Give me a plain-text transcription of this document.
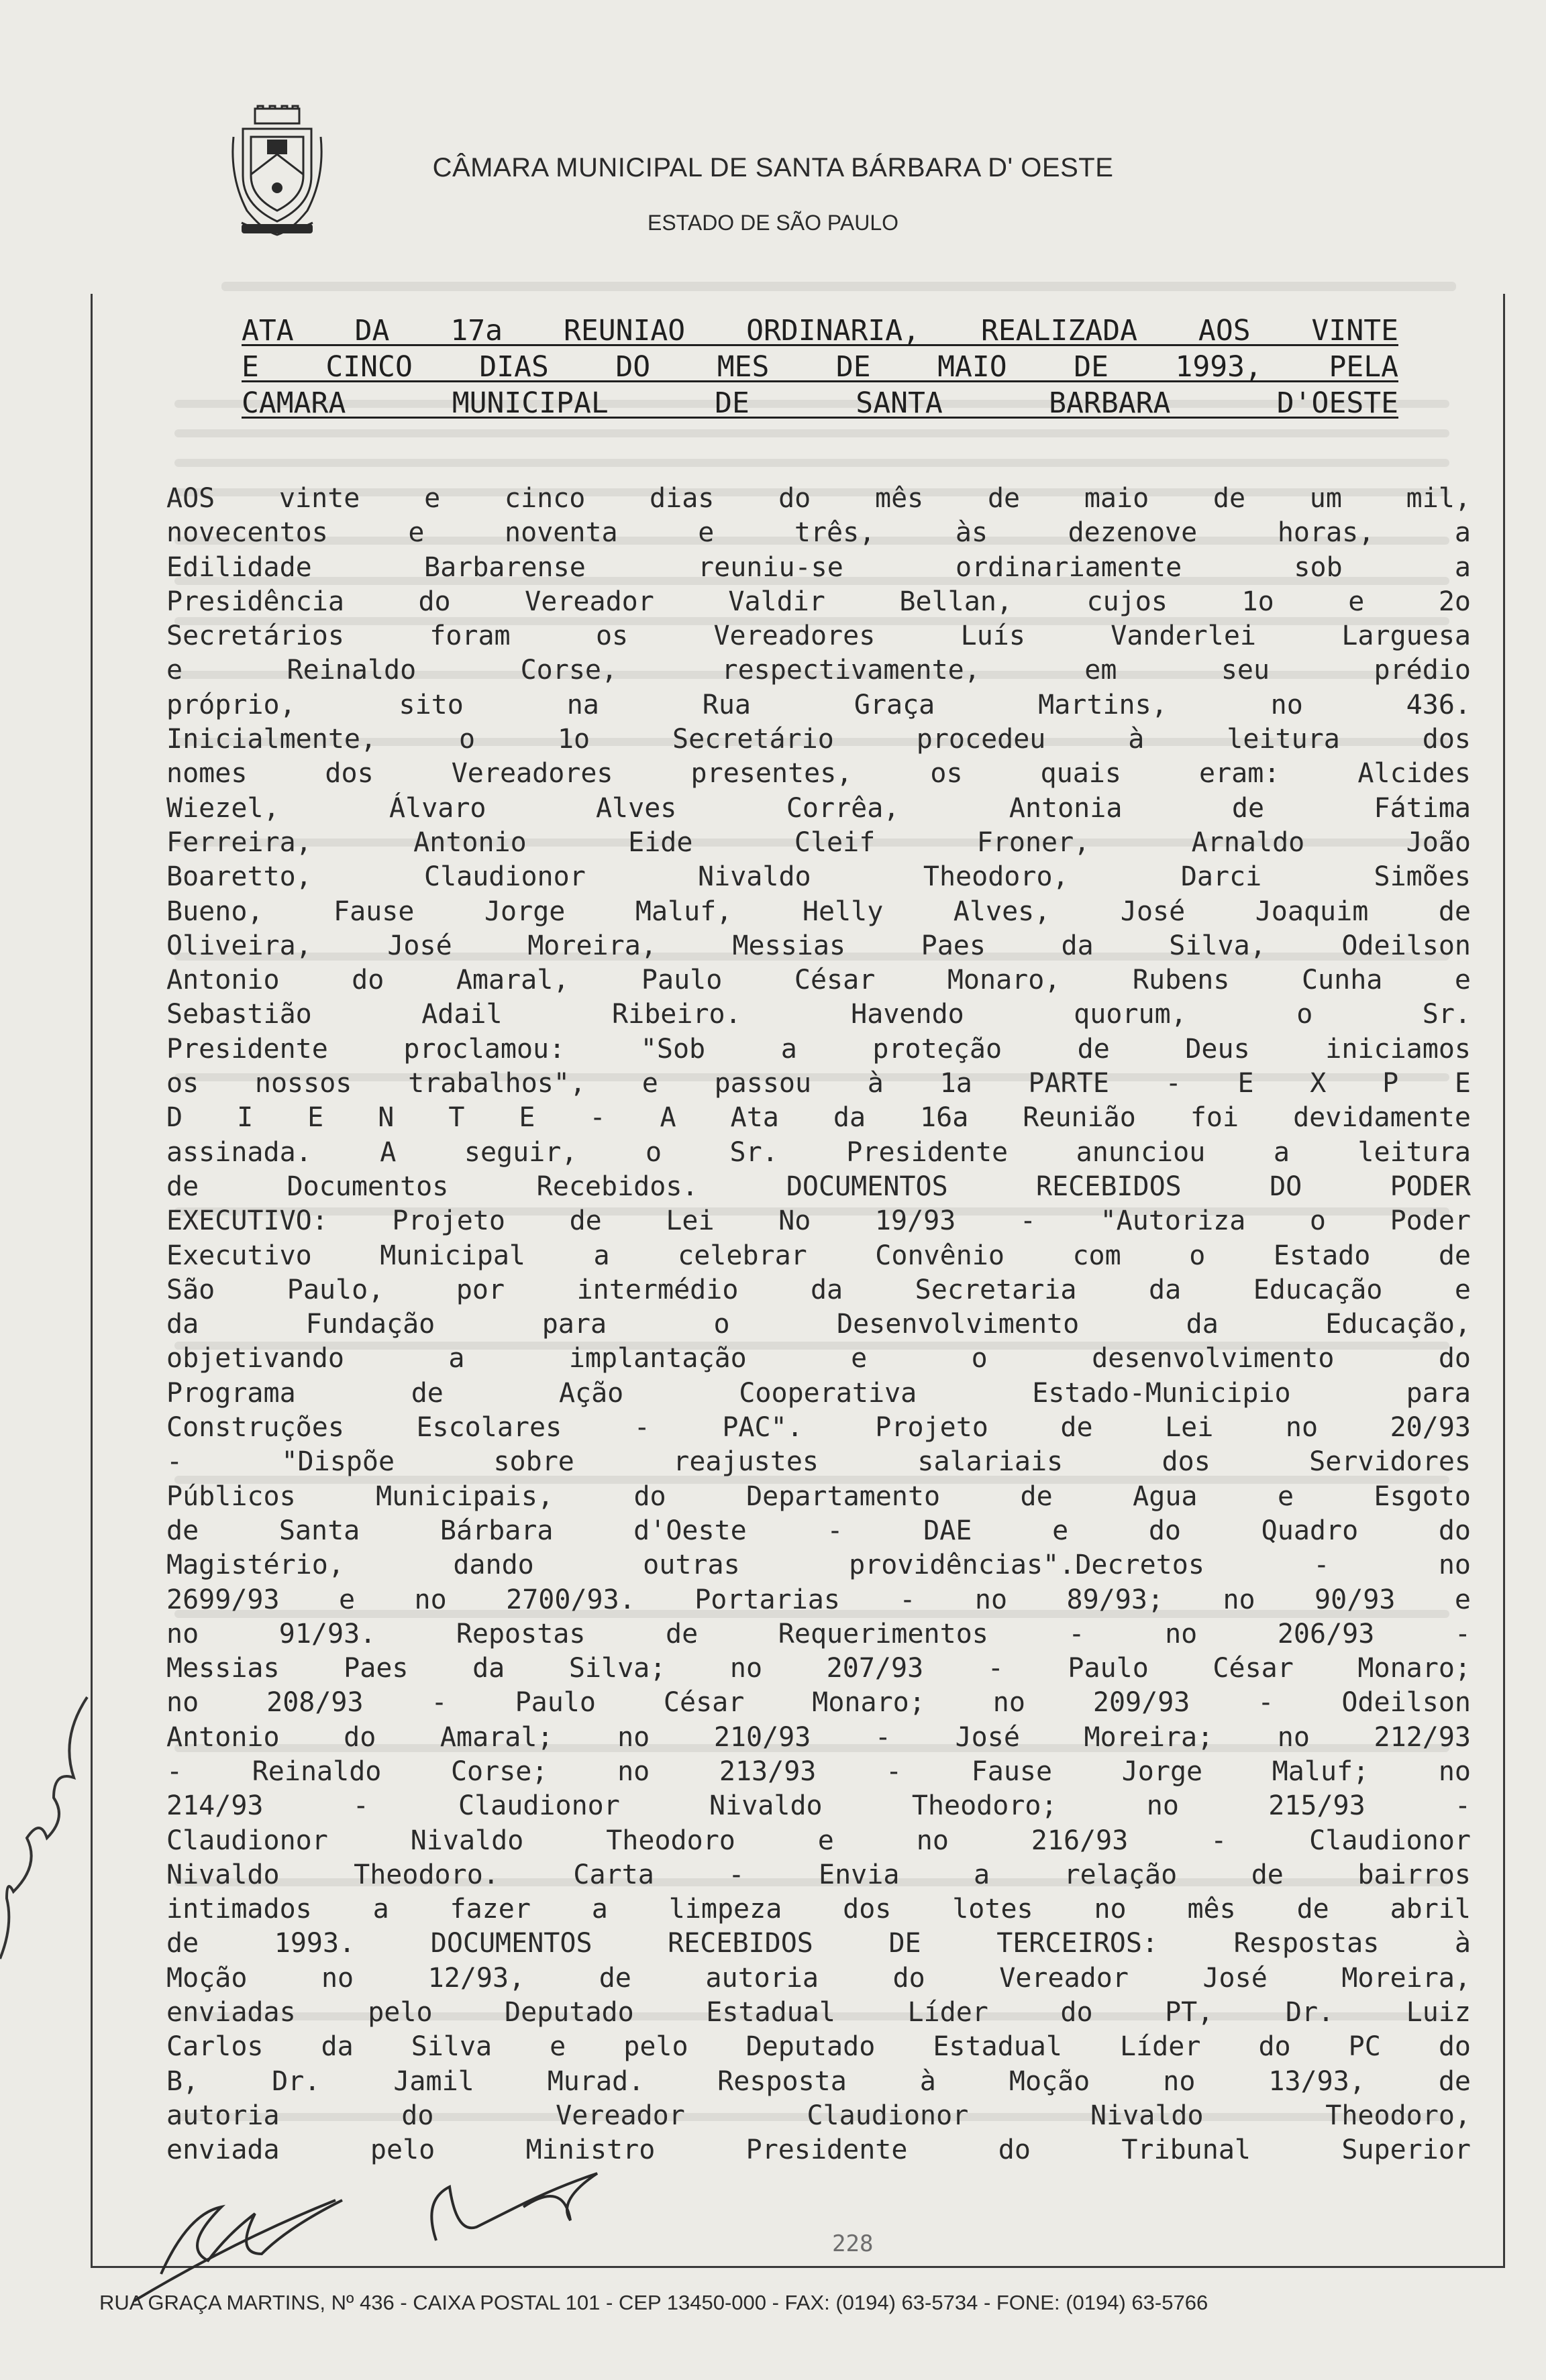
CÂMARA MUNICIPAL DE SANTA BÁRBARA D' OESTE
ESTADO DE SÃO PAULO
ATA DA 17a REUNIAO ORDINARIA, REALIZADA AOS VINTE
E CINCO DIAS DO MES DE MAIO DE 1993, PELA
CAMARA MUNICIPAL DE SANTA BARBARA D'OESTE
AOS vinte e cinco dias do mês de maio de um mil,
novecentos e noventa e três, às dezenove horas, a
Edilidade Barbarense reuniu-se ordinariamente sob a
Presidência do Vereador Valdir Bellan, cujos 1o e 2o
Secretários foram os Vereadores Luís Vanderlei Larguesa
e Reinaldo Corse, respectivamente, em seu prédio
próprio, sito na Rua Graça Martins, no 436.
Inicialmente, o 1o Secretário procedeu à leitura dos
nomes dos Vereadores presentes, os quais eram: Alcides
Wiezel, Álvaro Alves Corrêa, Antonia de Fátima
Ferreira, Antonio Eide Cleif Froner, Arnaldo João
Boaretto, Claudionor Nivaldo Theodoro, Darci Simões
Bueno, Fause Jorge Maluf, Helly Alves, José Joaquim de
Oliveira, José Moreira, Messias Paes da Silva, Odeilson
Antonio do Amaral, Paulo César Monaro, Rubens Cunha e
Sebastião Adail Ribeiro. Havendo quorum, o Sr.
Presidente proclamou: "Sob a proteção de Deus iniciamos
os nossos trabalhos", e passou à 1a PARTE - E X P E
D I E N T E - A Ata da 16a Reunião foi devidamente
assinada. A seguir, o Sr. Presidente anunciou a leitura
de Documentos Recebidos. DOCUMENTOS RECEBIDOS DO PODER
EXECUTIVO: Projeto de Lei No 19/93 - "Autoriza o Poder
Executivo Municipal a celebrar Convênio com o Estado de
São Paulo, por intermédio da Secretaria da Educação e
da Fundação para o Desenvolvimento da Educação,
objetivando a implantação e o desenvolvimento do
Programa de Ação Cooperativa Estado-Municipio para
Construções Escolares - PAC". Projeto de Lei no 20/93
- "Dispõe sobre reajustes salariais dos Servidores
Públicos Municipais, do Departamento de Agua e Esgoto
de Santa Bárbara d'Oeste - DAE e do Quadro do
Magistério, dando outras providências".Decretos - no
2699/93 e no 2700/93. Portarias - no 89/93; no 90/93 e
no 91/93. Repostas de Requerimentos - no 206/93 -
Messias Paes da Silva; no 207/93 - Paulo César Monaro;
no 208/93 - Paulo César Monaro; no 209/93 - Odeilson
Antonio do Amaral; no 210/93 - José Moreira; no 212/93
- Reinaldo Corse; no 213/93 - Fause Jorge Maluf; no
214/93 - Claudionor Nivaldo Theodoro; no 215/93 -
Claudionor Nivaldo Theodoro e no 216/93 - Claudionor
Nivaldo Theodoro. Carta - Envia a relação de bairros
intimados a fazer a limpeza dos lotes no mês de abril
de 1993. DOCUMENTOS RECEBIDOS DE TERCEIROS: Respostas à
Moção no 12/93, de autoria do Vereador José Moreira,
enviadas pelo Deputado Estadual Líder do PT, Dr. Luiz
Carlos da Silva e pelo Deputado Estadual Líder do PC do
B, Dr. Jamil Murad. Resposta à Moção no 13/93, de
autoria do Vereador Claudionor Nivaldo Theodoro,
enviada pelo Ministro Presidente do Tribunal Superior
228
RUA GRAÇA MARTINS, Nº 436 - CAIXA POSTAL 101 - CEP 13450-000 - FAX: (0194) 63-5734 - FONE: (0194) 63-5766
